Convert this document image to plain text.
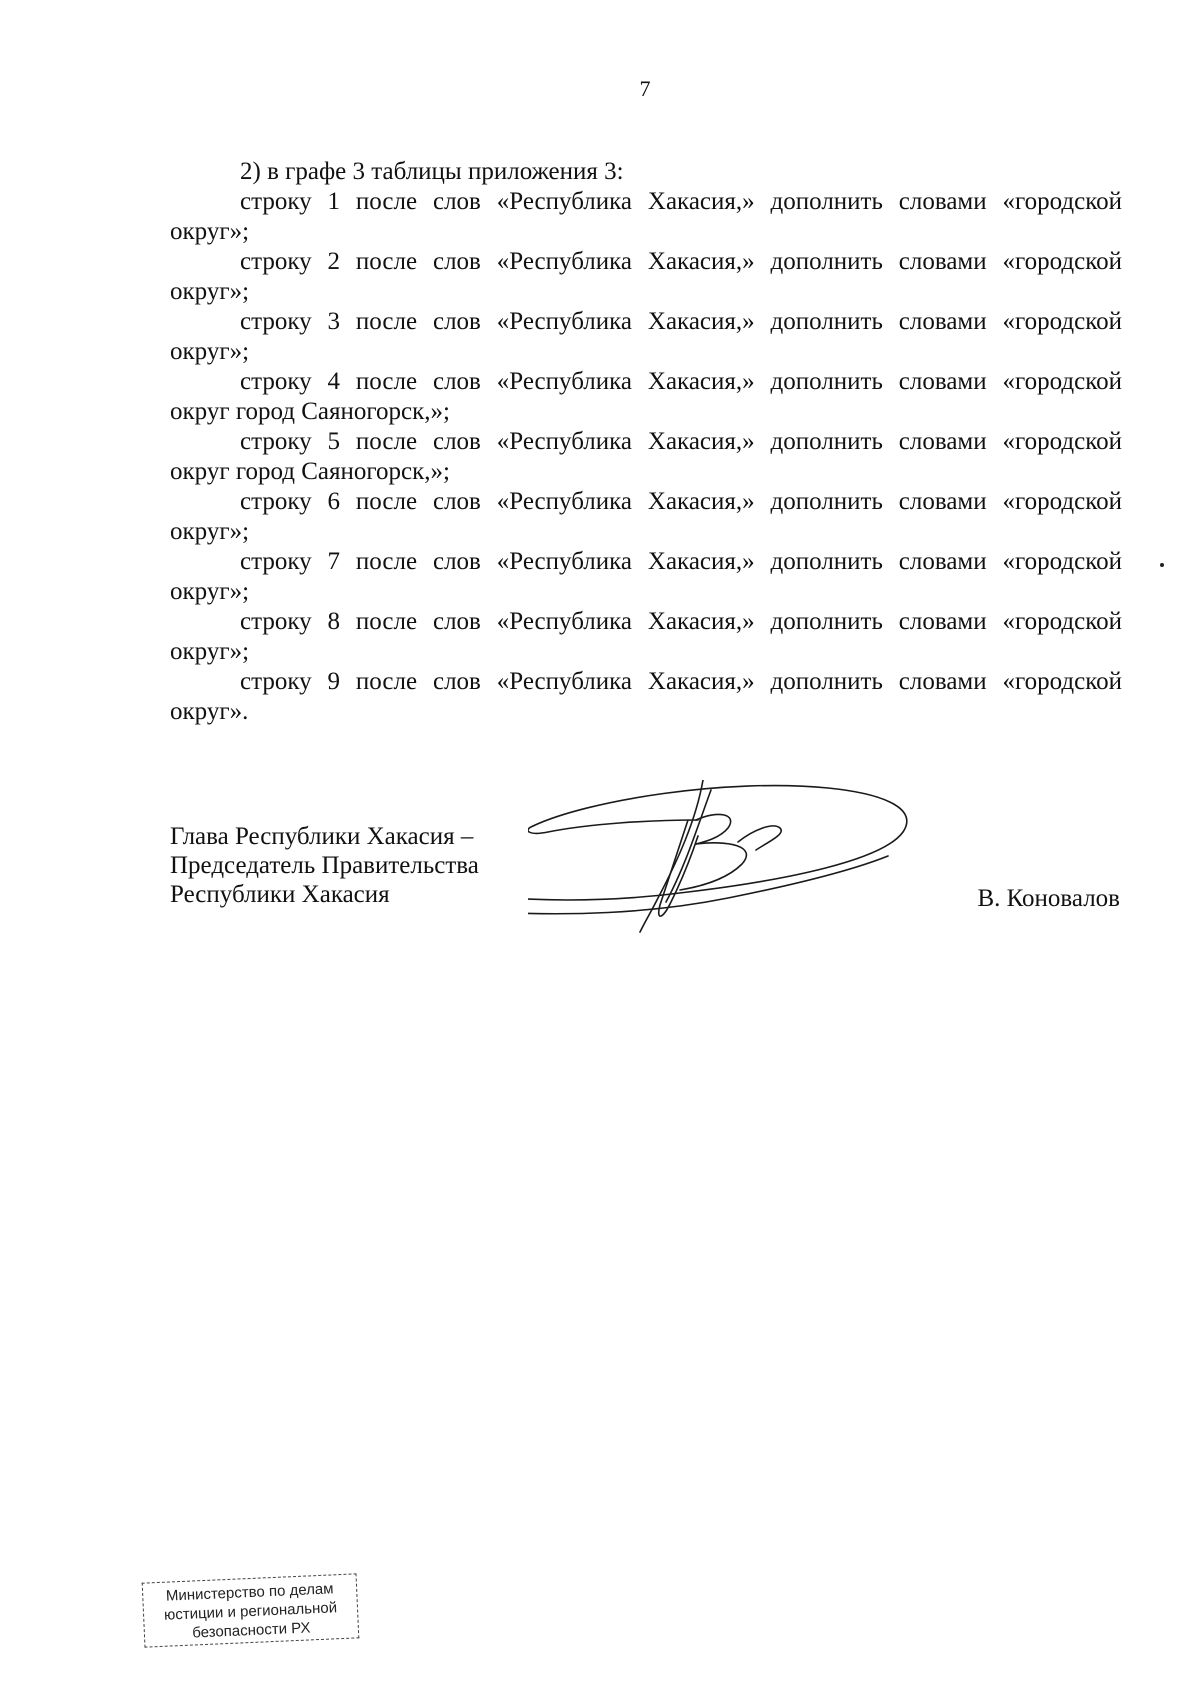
7

2) в графе 3 таблицы приложения 3:

строку 1 после слов «Республика Хакасия,» дополнить словами «городской
округ»;
строку 2 после слов «Республика Хакасия,» дополнить словами «городской
округ»;
строку 3 после слов «Республика Хакасия,» дополнить словами «городской
округ»;
строку 4 после слов «Республика Хакасия,» дополнить словами «городской
округ город Саяногорск,»;
строку 5 после слов «Республика Хакасия,» дополнить словами «городской
округ город Саяногорск,»;
строку 6 после слов «Республика Хакасия,» дополнить словами «городской
округ»;
строку 7 после слов «Республика Хакасия,» дополнить словами «городской
округ»;
строку 8 после слов «Республика Хакасия,» дополнить словами «городской
округ»;
строку 9 после слов «Республика Хакасия,» дополнить словами «городской
округ».
Глава Республики Хакасия –
Председатель Правительства
Республики Хакасия	В. Коновалов
Министерство по делам
юстиции и региональной
безопасности РХ
